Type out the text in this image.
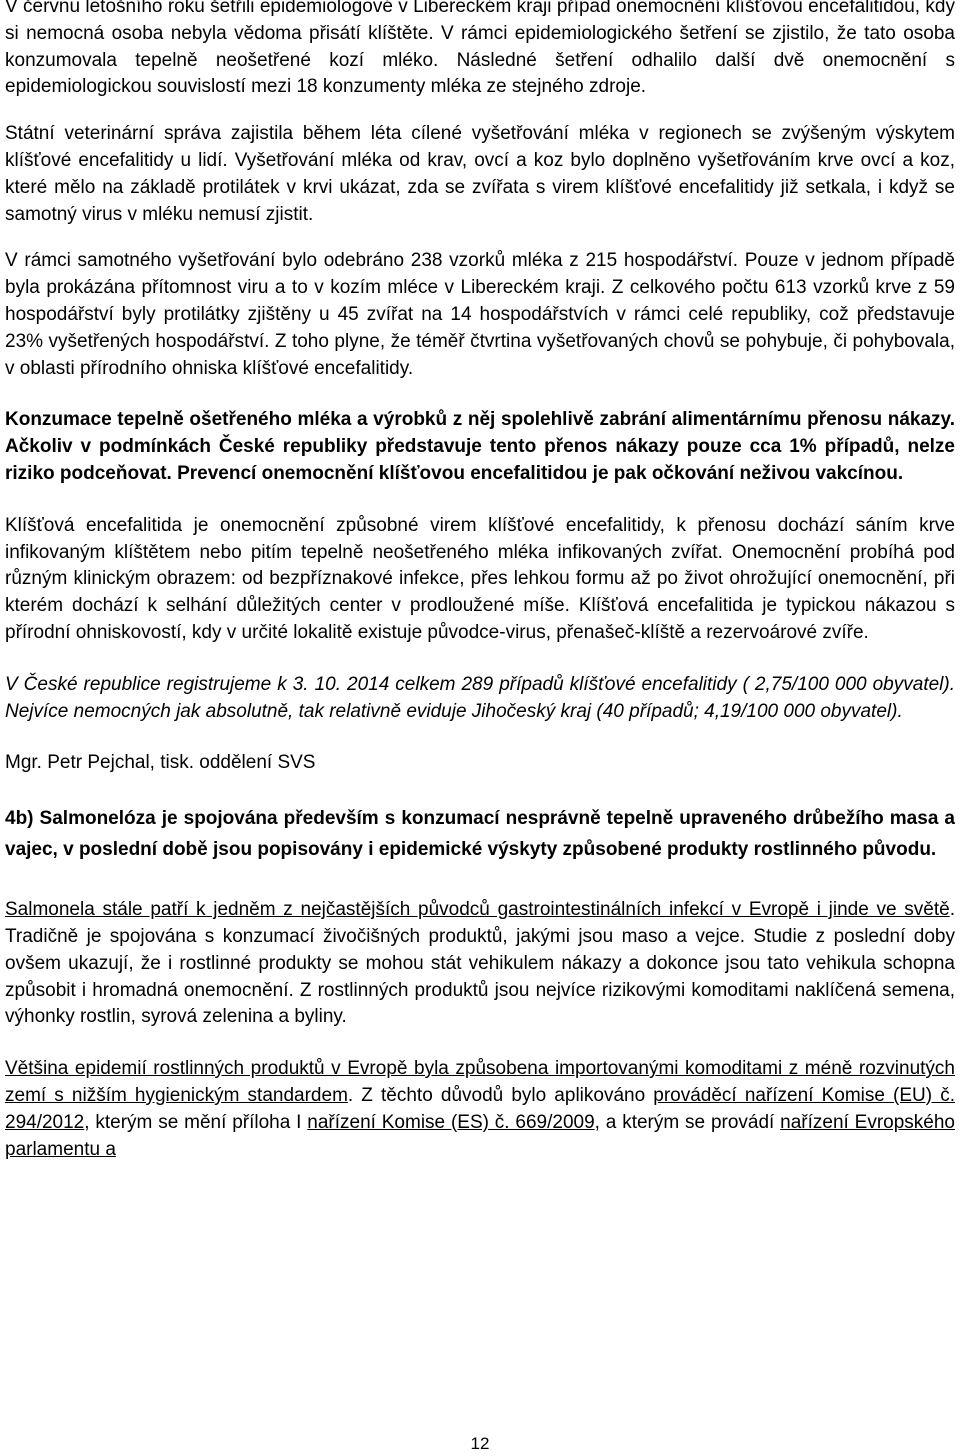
V červnu letošního roku šetřili epidemiologové v Libereckém kraji případ onemocnění klíšťovou encefalitidou, kdy si nemocná osoba nebyla vědoma přisátí klíštěte. V rámci epidemiologického šetření se zjistilo, že tato osoba konzumovala tepelně neošetřené kozí mléko. Následné šetření odhalilo další dvě onemocnění s epidemiologickou souvislostí mezi 18 konzumenty mléka ze stejného zdroje.

Státní veterinární správa zajistila během léta cílené vyšetřování mléka v regionech se zvýšeným výskytem klíšťové encefalitidy u lidí. Vyšetřování mléka od krav, ovcí a koz bylo doplněno vyšetřováním krve ovcí a koz, které mělo na základě protilátek v krvi ukázat, zda se zvířata s virem klíšťové encefalitidy již setkala, i když se samotný virus v mléku nemusí zjistit.

V rámci samotného vyšetřování bylo odebráno 238 vzorků mléka z 215 hospodářství. Pouze v jednom případě byla prokázána přítomnost viru a to v kozím mléce v Libereckém kraji. Z celkového počtu 613 vzorků krve z 59 hospodářství byly protilátky zjištěny u 45 zvířat na 14 hospodářstvích v rámci celé republiky, což představuje 23% vyšetřených hospodářství. Z toho plyne, že téměř čtvrtina vyšetřovaných chovů se pohybuje, či pohybovala, v oblasti přírodního ohniska klíšťové encefalitidy.

Konzumace tepelně ošetřeného mléka a výrobků z něj spolehlivě zabrání alimentárnímu přenosu nákazy. Ačkoliv v podmínkách České republiky představuje tento přenos nákazy pouze cca 1% případů, nelze riziko podceňovat. Prevencí onemocnění klíšťovou encefalitidou je pak očkování neživou vakcínou.

Klíšťová encefalitida je onemocnění způsobné virem klíšťové encefalitidy, k přenosu dochází sáním krve infikovaným klíštětem nebo pitím tepelně neošetřeného mléka infikovaných zvířat. Onemocnění probíhá pod různým klinickým obrazem: od bezpříznakové infekce, přes lehkou formu až po život ohrožující onemocnění, při kterém dochází k selhání důležitých center v prodloužené míše. Klíšťová encefalitida je typickou nákazou s přírodní ohniskovostí, kdy v určité lokalitě existuje původce-virus, přenašeč-klíště a rezervoárové zvíře.

V České republice registrujeme k 3. 10. 2014 celkem 289 případů klíšťové encefalitidy ( 2,75/100 000 obyvatel). Nejvíce nemocných jak absolutně, tak relativně eviduje Jihočeský kraj (40 případů; 4,19/100 000 obyvatel).

Mgr. Petr Pejchal, tisk. oddělení SVS

4b) Salmonelóza je spojována především s konzumací nesprávně tepelně upraveného drůbežího masa a vajec, v poslední době jsou popisovány i epidemické výskyty způsobené produkty rostlinného původu.

Salmonela stále patří k jedněm z nejčastějších původců gastrointestinálních infekcí v Evropě i jinde ve světě. Tradičně je spojována s konzumací živočišných produktů, jakými jsou maso a vejce. Studie z poslední doby ovšem ukazují, že i rostlinné produkty se mohou stát vehikulem nákazy a dokonce jsou tato vehikula schopna způsobit i hromadná onemocnění. Z rostlinných produktů jsou nejvíce rizikovými komoditami naklíčená semena, výhonky rostlin, syrová zelenina a byliny.

Většina epidemií rostlinných produktů v Evropě byla způsobena importovanými komoditami z méně rozvinutých zemí s nižším hygienickým standardem. Z těchto důvodů bylo aplikováno prováděcí nařízení Komise (EU) č. 294/2012, kterým se mění příloha I nařízení Komise (ES) č. 669/2009, a kterým se provádí nařízení Evropského parlamentu a

12
